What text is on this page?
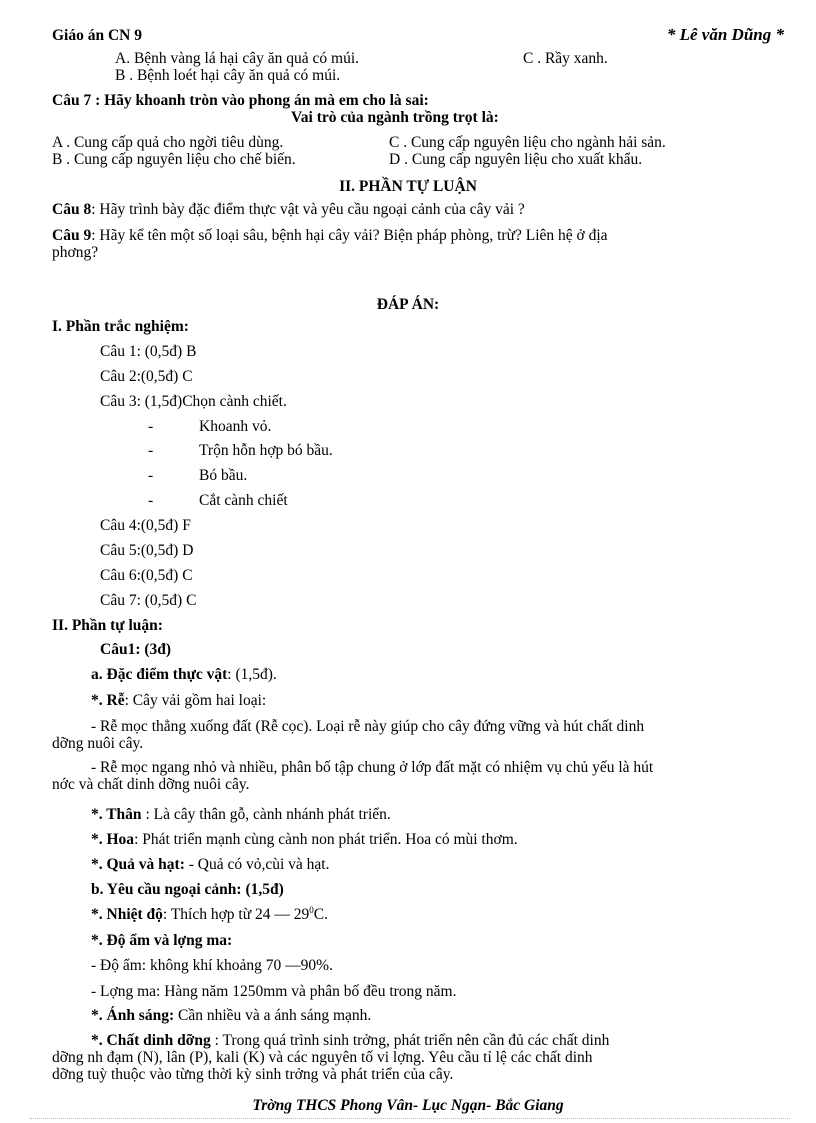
Giáo án CN 9	* Lê văn Dũng *
A. Bệnh vàng lá hại cây ăn quả có múi.	C . Rầy xanh.
B . Bệnh loét hại cây ăn quả có múi.
Câu 7 : Hãy khoanh tròn vào phong án mà em cho là sai:
Vai trò của ngành trồng trọt là:
A . Cung cấp quả cho ngời tiêu dùng.	C . Cung cấp nguyên liệu cho ngành hải sản.
B . Cung cấp nguyên liệu cho chế biến.	D . Cung cấp nguyên liệu cho xuất khẩu.
II. PHẦN TỰ LUẬN
Câu 8: Hãy trình bày đặc điểm thực vật và yêu cầu ngoại cảnh của cây vải ?
Câu 9: Hãy kể tên một số loại sâu, bệnh hại cây vải? Biện pháp phòng, trừ? Liên hệ ở địa
phơng?
ĐÁP ÁN:
I. Phần trắc nghiệm:
Câu 1: (0,5đ) B
Câu 2:(0,5đ) C
Câu 3: (1,5đ)Chọn cành chiết.
-	Khoanh vỏ.
-	Trộn hỗn hợp bó bầu.
-	Bó bầu.
-	Cắt cành chiết
Câu 4:(0,5đ) F
Câu 5:(0,5đ) D
Câu 6:(0,5đ) C
Câu 7: (0,5đ) C
II. Phần tự luận:
Câu1: (3đ)
a. Đặc điểm thực vật: (1,5đ).
*. Rễ: Cây vải gồm hai loại:
- Rễ mọc thẳng xuống đất (Rễ cọc). Loại rễ này giúp cho cây đứng vững và hút chất dinh
dỡng nuôi cây.
- Rễ mọc ngang nhỏ và nhiều, phân bố tập chung ở lớp đất mặt có nhiệm vụ chủ yếu là hút
nớc và chất dinh dỡng nuôi cây.
*. Thân : Là cây thân gỗ, cành nhánh phát triển.
*. Hoa: Phát triển mạnh cùng cành non phát triển. Hoa có mùi thơm.
*. Quả và hạt: - Quả có vỏ,cùi và hạt.
b. Yêu cầu ngoại cảnh: (1,5đ)
*. Nhiệt độ: Thích hợp từ 24 — $29^0C$.
*. Độ ẩm và lợng ma:
- Độ ẩm: không khí khoảng 70 —90%.
- Lợng ma: Hàng năm 1250mm và phân bố đều trong năm.
*. Ánh sáng: Cần nhiều và a ánh sáng mạnh.
*. Chất dinh dỡng : Trong quá trình sinh trởng, phát triển nên cần đủ các chất dinh
dỡng nh đạm (N), lân (P), kali (K) và các nguyên tố vi lợng. Yêu cầu tỉ lệ các chất dinh
dỡng tuỳ thuộc vào từng thời kỳ sinh trởng và phát triển của cây.
Trờng THCS Phong Vân- Lục Ngạn- Bắc Giang
